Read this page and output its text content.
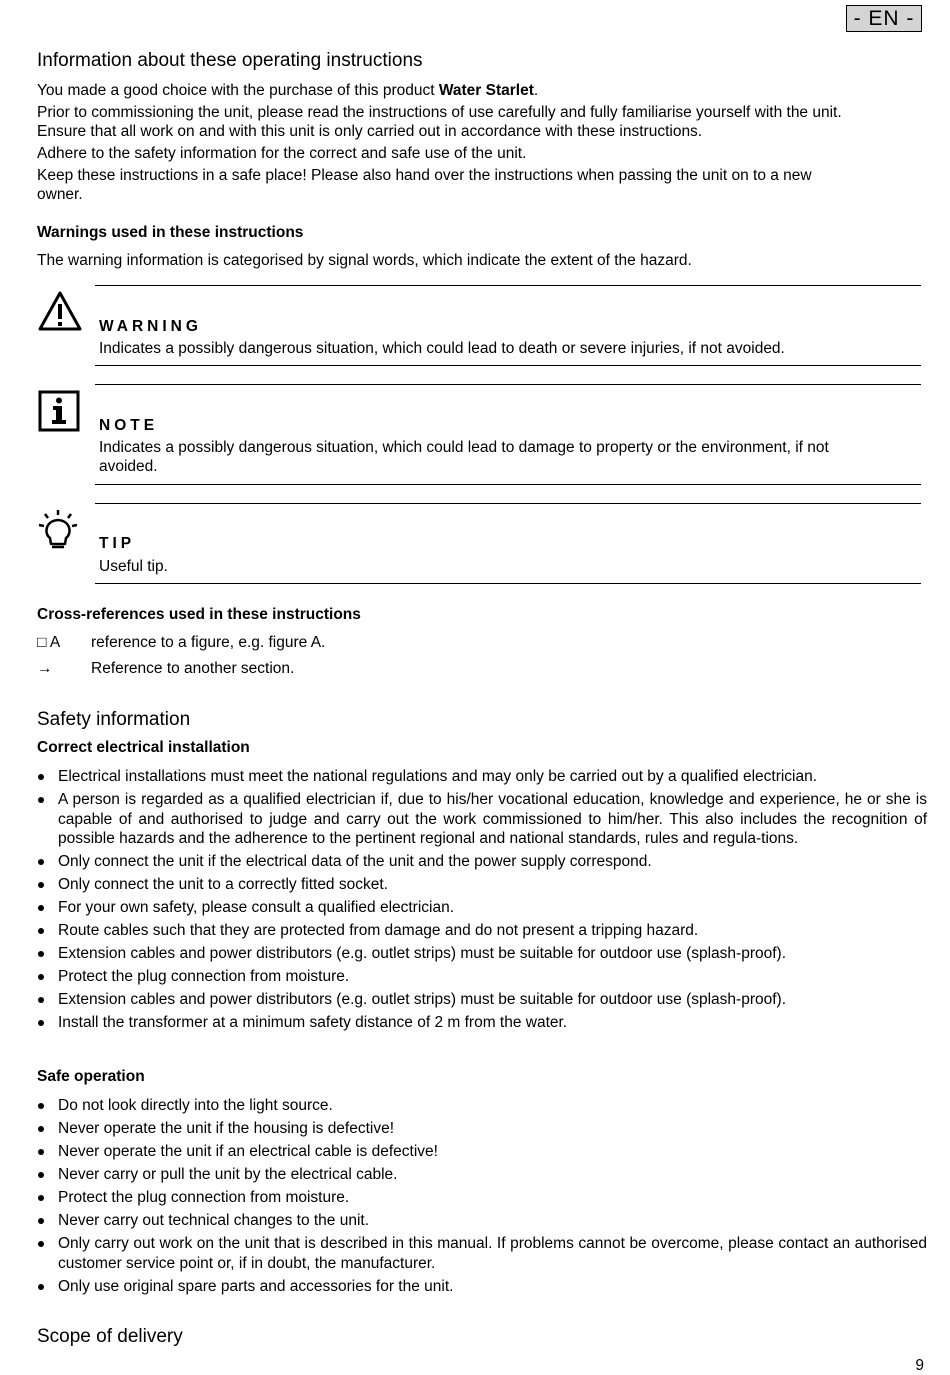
- EN -
Information about these operating instructions
You made a good choice with the purchase of this product Water Starlet.
Prior to commissioning the unit, please read the instructions of use carefully and fully familiarise yourself with the unit.
Ensure that all work on and with this unit is only carried out in accordance with these instructions.
Adhere to the safety information for the correct and safe use of the unit.
Keep these instructions in a safe place! Please also hand over the instructions when passing the unit on to a new
owner.
Warnings used in these instructions
The warning information is categorised by signal words, which indicate the extent of the hazard.
WARNING
Indicates a possibly dangerous situation, which could lead to death or severe injuries, if not avoided.
NOTE
Indicates a possibly dangerous situation, which could lead to damage to property or the environment, if not
avoided.
TIP
Useful tip.
Cross-references used in these instructions
□ A reference to a figure, e.g. figure A.
→ Reference to another section.
Safety information
Correct electrical installation
Electrical installations must meet the national regulations and may only be carried out by a qualified electrician.
A person is regarded as a qualified electrician if, due to his/her vocational education, knowledge and experience, he or she is capable of and authorised to judge and carry out the work commissioned to him/her. This also includes the recognition of possible hazards and the adherence to the pertinent regional and national standards, rules and regula-tions.
Only connect the unit if the electrical data of the unit and the power supply correspond.
Only connect the unit to a correctly fitted socket.
For your own safety, please consult a qualified electrician.
Route cables such that they are protected from damage and do not present a tripping hazard.
Extension cables and power distributors (e.g. outlet strips) must be suitable for outdoor use (splash-proof).
Protect the plug connection from moisture.
Extension cables and power distributors (e.g. outlet strips) must be suitable for outdoor use (splash-proof).
Install the transformer at a minimum safety distance of 2 m from the water.
Safe operation
Do not look directly into the light source.
Never operate the unit if the housing is defective!
Never operate the unit if an electrical cable is defective!
Never carry or pull the unit by the electrical cable.
Protect the plug connection from moisture.
Never carry out technical changes to the unit.
Only carry out work on the unit that is described in this manual. If problems cannot be overcome, please contact an authorised customer service point or, if in doubt, the manufacturer.
Only use original spare parts and accessories for the unit.
Scope of delivery
9
